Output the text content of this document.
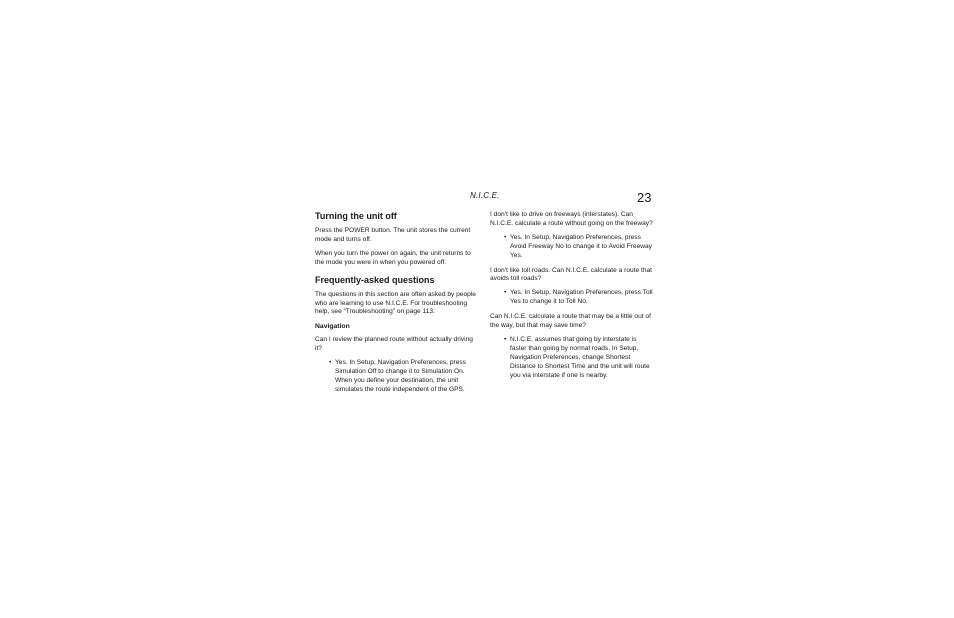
N.I.C.E.	23
Turning the unit off

Press the POWER button. The unit stores the current mode and turns off.

When you turn the power on again, the unit returns to the mode you were in when you powered off.

Frequently-asked questions

The questions in this section are often asked by people who are learning to use N.I.C.E. For troubleshooting help, see “Troubleshooting” on page 113.

Navigation

Can I review the planned route without actually driving it?

• Yes. In Setup, Navigation Preferences, press Simulation Off to change it to Simulation On. When you define your destination, the unit simulates the route independent of the GPS.

I don’t like to drive on freeways (interstates). Can N.I.C.E. calculate a route without going on the freeway?

• Yes. In Setup, Navigation Preferences, press Avoid Freeway No to change it to Avoid Freeway Yes.

I don’t like toll roads. Can N.I.C.E. calculate a route that avoids toll roads?

• Yes. In Setup, Navigation Preferences, press Toll Yes to change it to Toll No.

Can N.I.C.E. calculate a route that may be a little out of the way, but that may save time?

• N.I.C.E. assumes that going by interstate is faster than going by normal roads. In Setup, Navigation Preferences, change Shortest Distance to Shortest Time and the unit will route you via interstate if one is nearby.
